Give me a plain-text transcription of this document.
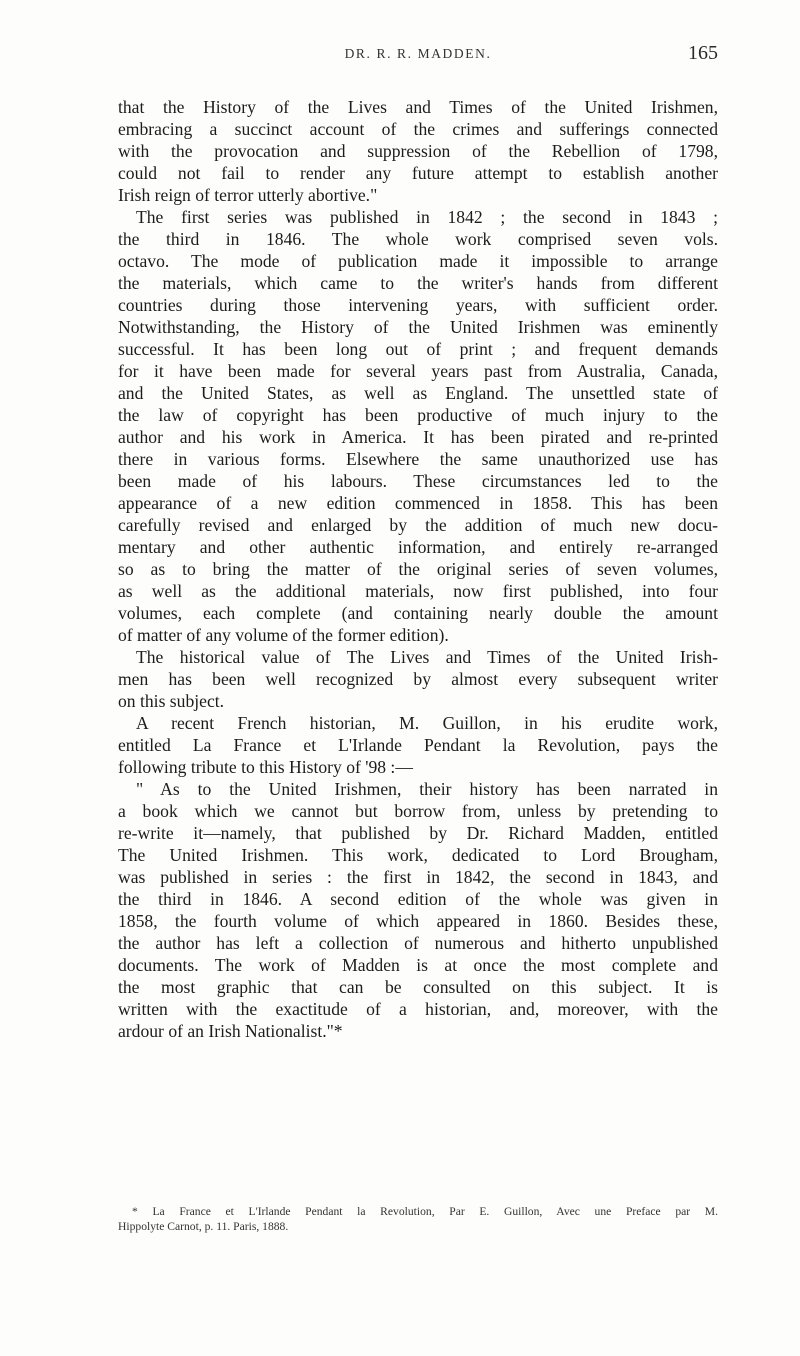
DR. R. R. MADDEN.	165
that the History of the Lives and Times of the United Irishmen,
embracing a succinct account of the crimes and sufferings connected
with the provocation and suppression of the Rebellion of 1798,
could not fail to render any future attempt to establish another
Irish reign of terror utterly abortive."
The first series was published in 1842 ; the second in 1843 ;
the third in 1846. The whole work comprised seven vols.
octavo. The mode of publication made it impossible to arrange
the materials, which came to the writer's hands from different
countries during those intervening years, with sufficient order.
Notwithstanding, the History of the United Irishmen was eminently
successful. It has been long out of print ; and frequent demands
for it have been made for several years past from Australia, Canada,
and the United States, as well as England. The unsettled state of
the law of copyright has been productive of much injury to the
author and his work in America. It has been pirated and re-printed
there in various forms. Elsewhere the same unauthorized use has
been made of his labours. These circumstances led to the
appearance of a new edition commenced in 1858. This has been
carefully revised and enlarged by the addition of much new docu-
mentary and other authentic information, and entirely re-arranged
so as to bring the matter of the original series of seven volumes,
as well as the additional materials, now first published, into four
volumes, each complete (and containing nearly double the amount
of matter of any volume of the former edition).
The historical value of The Lives and Times of the United Irish-
men has been well recognized by almost every subsequent writer
on this subject.
A recent French historian, M. Guillon, in his erudite work,
entitled La France et L'Irlande Pendant la Revolution, pays the
following tribute to this History of '98 :—
" As to the United Irishmen, their history has been narrated in
a book which we cannot but borrow from, unless by pretending to
re-write it—namely, that published by Dr. Richard Madden, entitled
The United Irishmen. This work, dedicated to Lord Brougham,
was published in series : the first in 1842, the second in 1843, and
the third in 1846. A second edition of the whole was given in
1858, the fourth volume of which appeared in 1860. Besides these,
the author has left a collection of numerous and hitherto unpublished
documents. The work of Madden is at once the most complete and
the most graphic that can be consulted on this subject. It is
written with the exactitude of a historian, and, moreover, with the
ardour of an Irish Nationalist."*
* La France et L'Irlande Pendant la Revolution, Par E. Guillon, Avec une Preface par M.
Hippolyte Carnot, p. 11. Paris, 1888.
